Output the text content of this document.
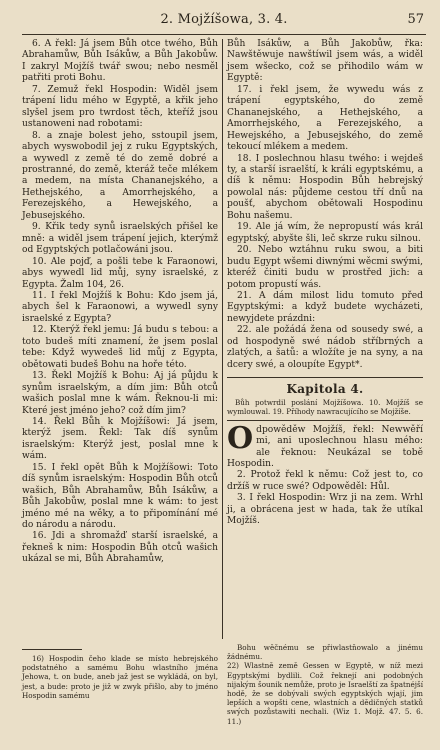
2. Mojžíšowa, 3. 4.	57

6. A řekl: Já jsem Bůh otce twého, Bůh Abrahamůw, Bůh Isákůw, a Bůh Jakobůw. I zakryl Mojžíš twář swou; nebo nesměl patřiti proti Bohu.

7. Zemuž řekl Hospodin: Widěl jsem trápení lidu mého w Egyptě, a křik jeho slyšel jsem pro twrdost těch, kteříž jsou ustanoweni nad robotami:

8. a znaje bolest jeho, sstoupil jsem, abych wyswobodil jej z ruku Egyptských, a wywedl z země té do země dobré a prostranné, do země, kteráž teče mlékem a medem, na místa Chananejského, a Hethejského, a Amorrhejského, a Ferezejského, a Hewejského, a Jebusejského.

9. Křik tedy synů israelských přišel ke mně: a widěl jsem trápení jejich, kterýmž od Egyptských potlačowáni jsou.

10. Ale pojď, a pošli tebe k Faraonowi, abys wywedl lid můj, syny israelské, z Egypta. Žalm 104, 26.

11. I řekl Mojžíš k Bohu: Kdo jsem já, abych šel k Faraonowi, a wywedl syny israelské z Egypta?

12. Kterýž řekl jemu: Já budu s tebou: a toto budeš míti znamení, že jsem poslal tebe: Když wywedeš lid můj z Egypta, obětowati budeš Bohu na hoře této.

13. Řekl Mojžíš k Bohu: Aj já půjdu k synům israelským, a dím jim: Bůh otců wašich poslal mne k wám. Řeknou-li mi: Které jest jméno jeho? což dím jim?

14. Řekl Bůh k Mojžíšowi: Já jsem, kterýž jsem. Řekl: Tak díš synům israelským: Kterýž jest, poslal mne k wám.

15. I řekl opět Bůh k Mojžíšowi: Toto díš synům israelským: Hospodin Bůh otců wašich, Bůh Abrahamůw, Bůh Isákůw, a Bůh Jakobůw, poslal mne k wám: to jest jméno mé na wěky, a to připomínání mé do národu a národu.

16. Jdi a shromažď starší israelské, a řekneš k nim: Hospodin Bůh otců wašich ukázal se mi, Bůh Abrahamůw,

Bůh Isákůw, a Bůh Jakobůw, řka: Nawštěwuje nawštíwil jsem wás, a widěl jsem wšecko, což se přihodilo wám w Egyptě:

17. i řekl jsem, že wywedu wás z trápení egyptského, do země Chananejského, a Hethejského, a Amorrhejského, a Ferezejského, a Hewejského, a Jebusejského, do země tekoucí mlékem a medem.

18. I poslechnou hlasu twého: i wejdeš ty, a starší israelští, k králi egyptskému, a díš k němu: Hospodin Bůh hebrejský powolal nás: půjdeme cestou tří dnů na poušť, abychom obětowali Hospodinu Bohu našemu.

19. Ale já wím, že nepropustí wás král egyptský, abyšte šli, leč skrze ruku silnou.

20. Nebo wztáhnu ruku swou, a biti budu Egypt wšemi diwnými wěcmi swými, kteréž činiti budu w prostřed jich: a potom propustí wás.

21. A dám milost lidu tomuto před Egyptskými: a když budete wycházeti, newyjdete prázdni:

22. ale požádá žena od sousedy swé, a od hospodyně swé nádob stříbrných a zlatých, a šatů: a wložíte je na syny, a na dcery swé, a oloupíte Egypt*.

Kapitola 4.
Bůh potwrdil poslání Mojžíšowa. 10. Mojžíš se wymlouwal. 19. Příhody nawracujícího se Mojžíše.

Odpowěděw Mojžíš, řekl: Newwěří mi, ani uposlechnou hlasu mého: ale řeknou: Neukázal se tobě Hospodin.

2. Protož řekl k němu: Což jest to, co držíš w ruce swé? Odpowěděl: Hůl.

3. I řekl Hospodin: Wrz ji na zem. Wrhl ji, a obrácena jest w hada, tak že utíkal Mojžíš.

16) Hospodin čeho klade se místo hebrejského podstatného a samému Bohu wlastního jména Jehowa, t. on bude, aneb jaž jest se wykládá, on byl, jest, a bude: proto je již w zwyk přišlo, aby to jméno Hospodin samému

Bohu wěčnému se přiwlastňowalo a jinému žádnému.

22) Wlastně země Gessen w Egyptě, w níž mezi Egyptskými bydlili. Což řeknejí ani podobných nijakým šounik nemůže, proto je Israelští za špatnéjší hodě, že se dobývali swých egyptských wjají, jim lepších a wopšti cene, wlastních a dědičných statků swých pozůstawiti nechali. (Wiz 1. Mojž. 47. 5. 6. 11.)
